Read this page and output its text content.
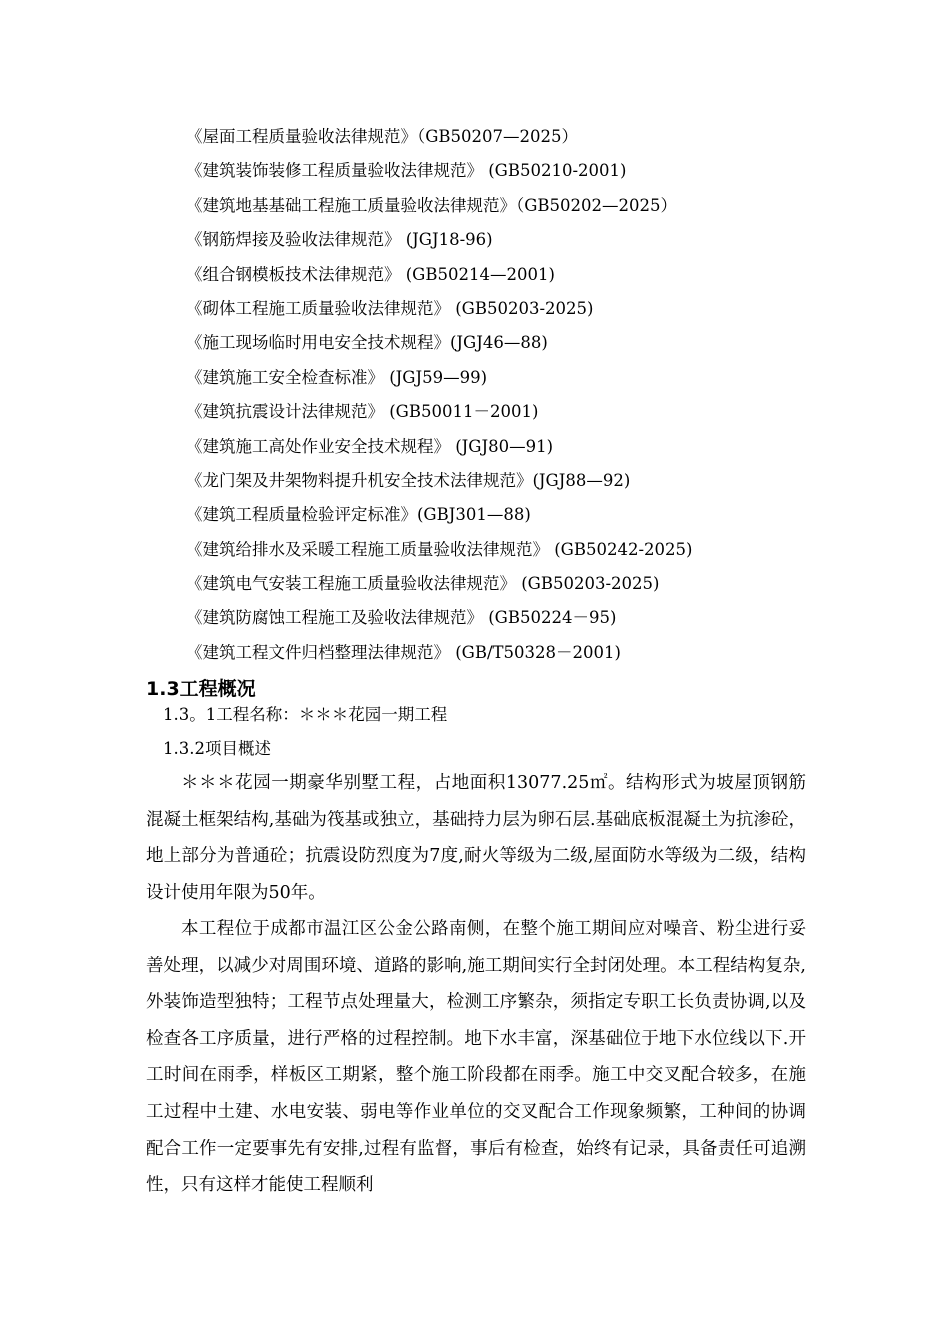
《屋面工程质量验收法律规范》（GB50207—2025）
《建筑装饰装修工程质量验收法律规范》 (GB50210-2001)
《建筑地基基础工程施工质量验收法律规范》（GB50202—2025）
《钢筋焊接及验收法律规范》 (JGJ18-96)
《组合钢模板技术法律规范》 (GB50214—2001)
《砌体工程施工质量验收法律规范》 (GB50203-2025)
《施工现场临时用电安全技术规程》(JGJ46—88)
《建筑施工安全检查标准》 (JGJ59—99)
《建筑抗震设计法律规范》 (GB50011－2001)
《建筑施工高处作业安全技术规程》 (JGJ80—91)
《龙门架及井架物料提升机安全技术法律规范》(JGJ88—92)
《建筑工程质量检验评定标准》(GBJ301—88)
《建筑给排水及采暖工程施工质量验收法律规范》 (GB50242-2025)
《建筑电气安装工程施工质量验收法律规范》 (GB50203-2025)
《建筑防腐蚀工程施工及验收法律规范》 (GB50224－95)
《建筑工程文件归档整理法律规范》 (GB/T50328－2001)
1.3工程概况
1.3。1工程名称：＊＊＊花园一期工程
1.3.2项目概述

＊＊＊花园一期豪华别墅工程，占地面积13077.25㎡。结构形式为坡屋顶钢筋混凝土框架结构,基础为筏基或独立，基础持力层为卵石层.基础底板混凝土为抗渗砼，地上部分为普通砼；抗震设防烈度为7度,耐火等级为二级,屋面防水等级为二级，结构设计使用年限为50年。

本工程位于成都市温江区公金公路南侧，在整个施工期间应对噪音、粉尘进行妥善处理，以减少对周围环境、道路的影响,施工期间实行全封闭处理。本工程结构复杂,外装饰造型独特；工程节点处理量大，检测工序繁杂，须指定专职工长负责协调,以及检查各工序质量，进行严格的过程控制。地下水丰富，深基础位于地下水位线以下.开工时间在雨季，样板区工期紧，整个施工阶段都在雨季。施工中交叉配合较多，在施工过程中土建、水电安装、弱电等作业单位的交叉配合工作现象频繁，工种间的协调配合工作一定要事先有安排,过程有监督，事后有检查，始终有记录，具备责任可追溯性，只有这样才能使工程顺利
